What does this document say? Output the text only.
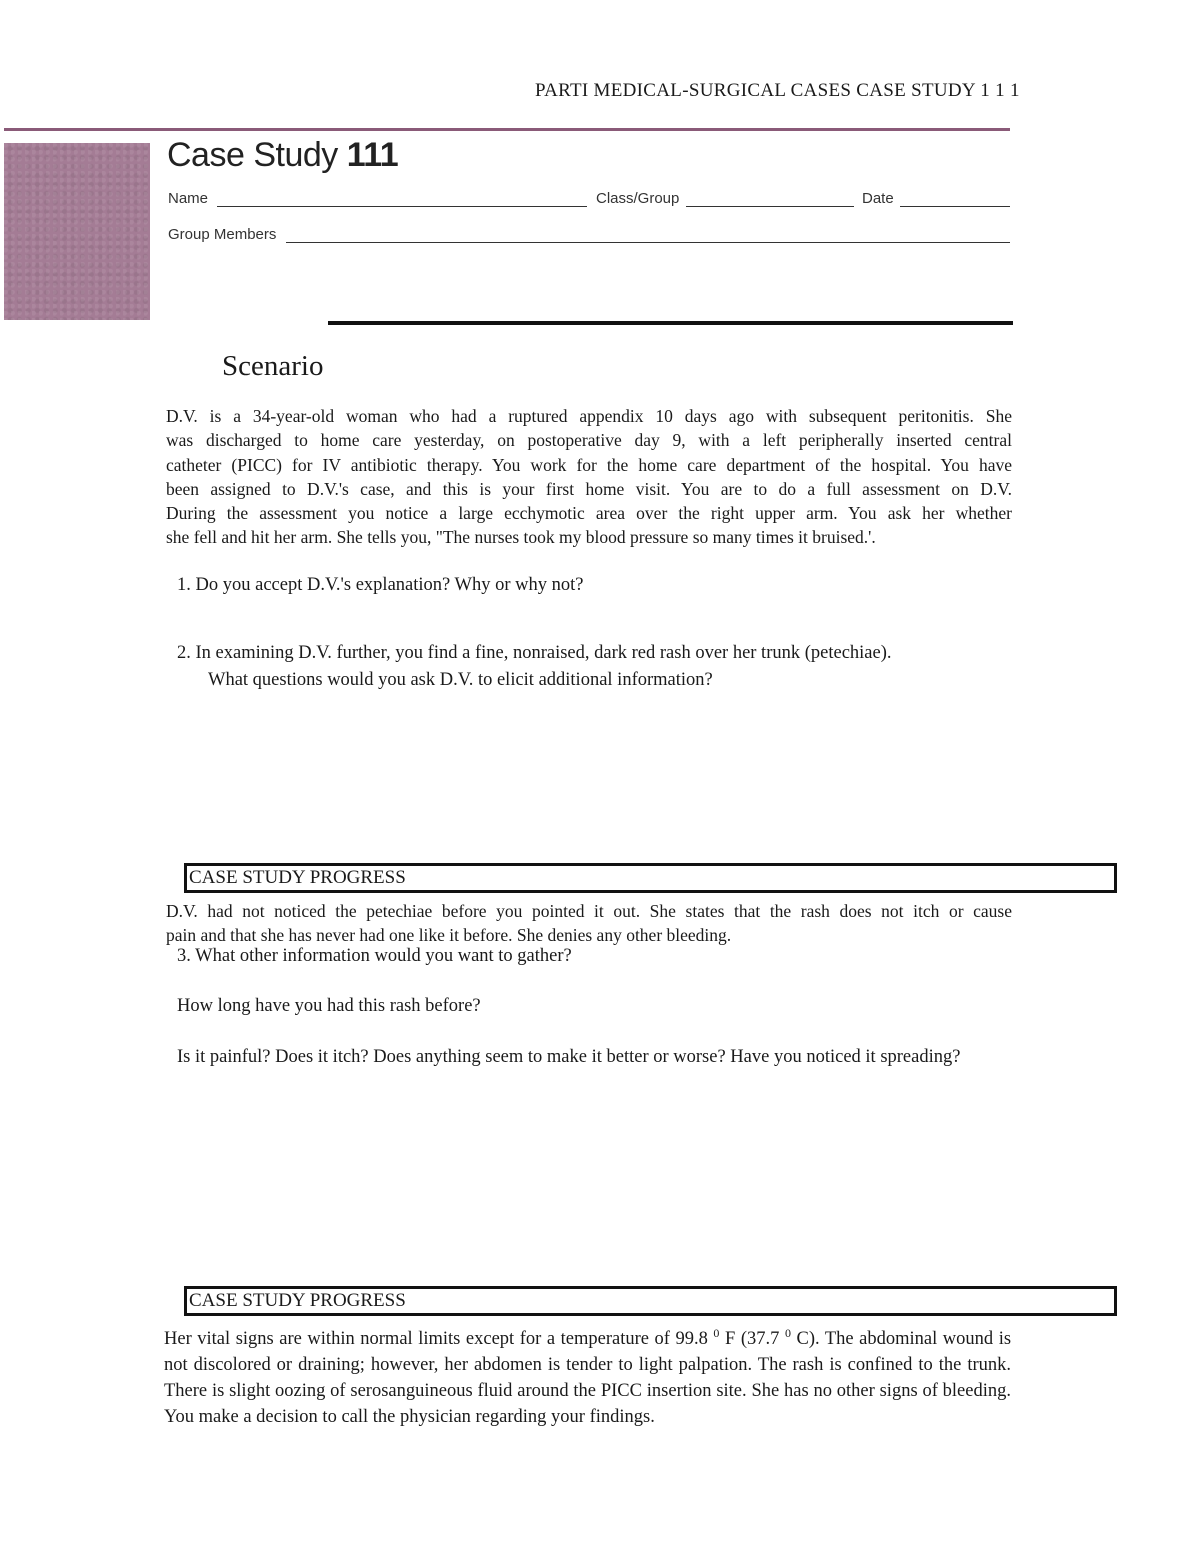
PARTI MEDICAL-SURGICAL CASES CASE STUDY 1 1 1
Case Study 111
Name	Class/Group	Date
Group Members
Scenario
D.V. is a 34-year-old woman who had a ruptured appendix 10 days ago with subsequent peritonitis. She
was discharged to home care yesterday, on postoperative day 9, with a left peripherally inserted central
catheter (PICC) for IV antibiotic therapy. You work for the home care department of the hospital. You have
been assigned to D.V.'s case, and this is your first home visit. You are to do a full assessment on D.V.
During the assessment you notice a large ecchymotic area over the right upper arm. You ask her whether
she fell and hit her arm. She tells you, "The nurses took my blood pressure so many times it bruised.'.
1. Do you accept D.V.'s explanation? Why or why not?
2. In examining D.V. further, you find a fine, nonraised, dark red rash over her trunk (petechiae).
What questions would you ask D.V. to elicit additional information?
CASE STUDY PROGRESS
D.V. had not noticed the petechiae before you pointed it out. She states that the rash does not itch or cause
pain and that she has never had one like it before. She denies any other bleeding.
3. What other information would you want to gather?
How long have you had this rash before?
Is it painful? Does it itch? Does anything seem to make it better or worse? Have you noticed it spreading?
CASE STUDY PROGRESS
Her vital signs are within normal limits except for a temperature of 99.8 $^0$ F (37.7 $^0$ C). The abdominal wound is not discolored or draining; however, her abdomen is tender to light palpation. The rash is confined to the trunk. There is slight oozing of serosanguineous fluid around the PICC insertion site. She has no other signs of bleeding. You make a decision to call the physician regarding your findings.
